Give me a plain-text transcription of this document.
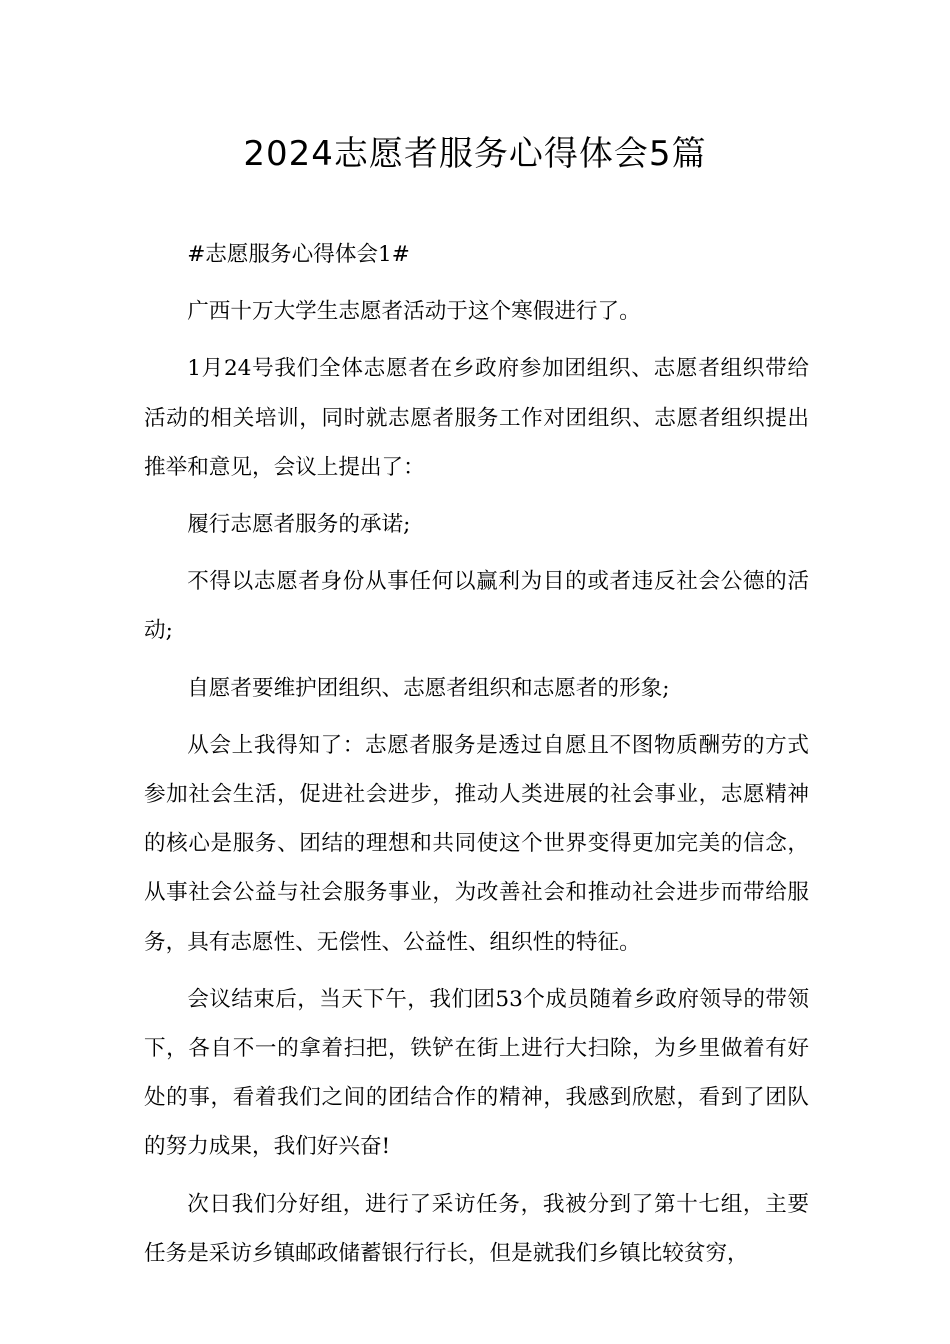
2024志愿者服务心得体会5篇

#志愿服务心得体会1#

广西十万大学生志愿者活动于这个寒假进行了。

1月24号我们全体志愿者在乡政府参加团组织、志愿者组织带给活动的相关培训，同时就志愿者服务工作对团组织、志愿者组织提出推举和意见，会议上提出了：

履行志愿者服务的承诺;

不得以志愿者身份从事任何以赢利为目的或者违反社会公德的活动;

自愿者要维护团组织、志愿者组织和志愿者的形象;

从会上我得知了：志愿者服务是透过自愿且不图物质酬劳的方式参加社会生活，促进社会进步，推动人类进展的社会事业，志愿精神的核心是服务、团结的理想和共同使这个世界变得更加完美的信念，从事社会公益与社会服务事业，为改善社会和推动社会进步而带给服务，具有志愿性、无偿性、公益性、组织性的特征。

会议结束后，当天下午，我们团53个成员随着乡政府领导的带领下，各自不一的拿着扫把，铁铲在街上进行大扫除，为乡里做着有好处的事，看着我们之间的团结合作的精神，我感到欣慰，看到了团队的努力成果，我们好兴奋!

次日我们分好组，进行了采访任务，我被分到了第十七组，主要任务是采访乡镇邮政储蓄银行行长，但是就我们乡镇比较贫穷，
